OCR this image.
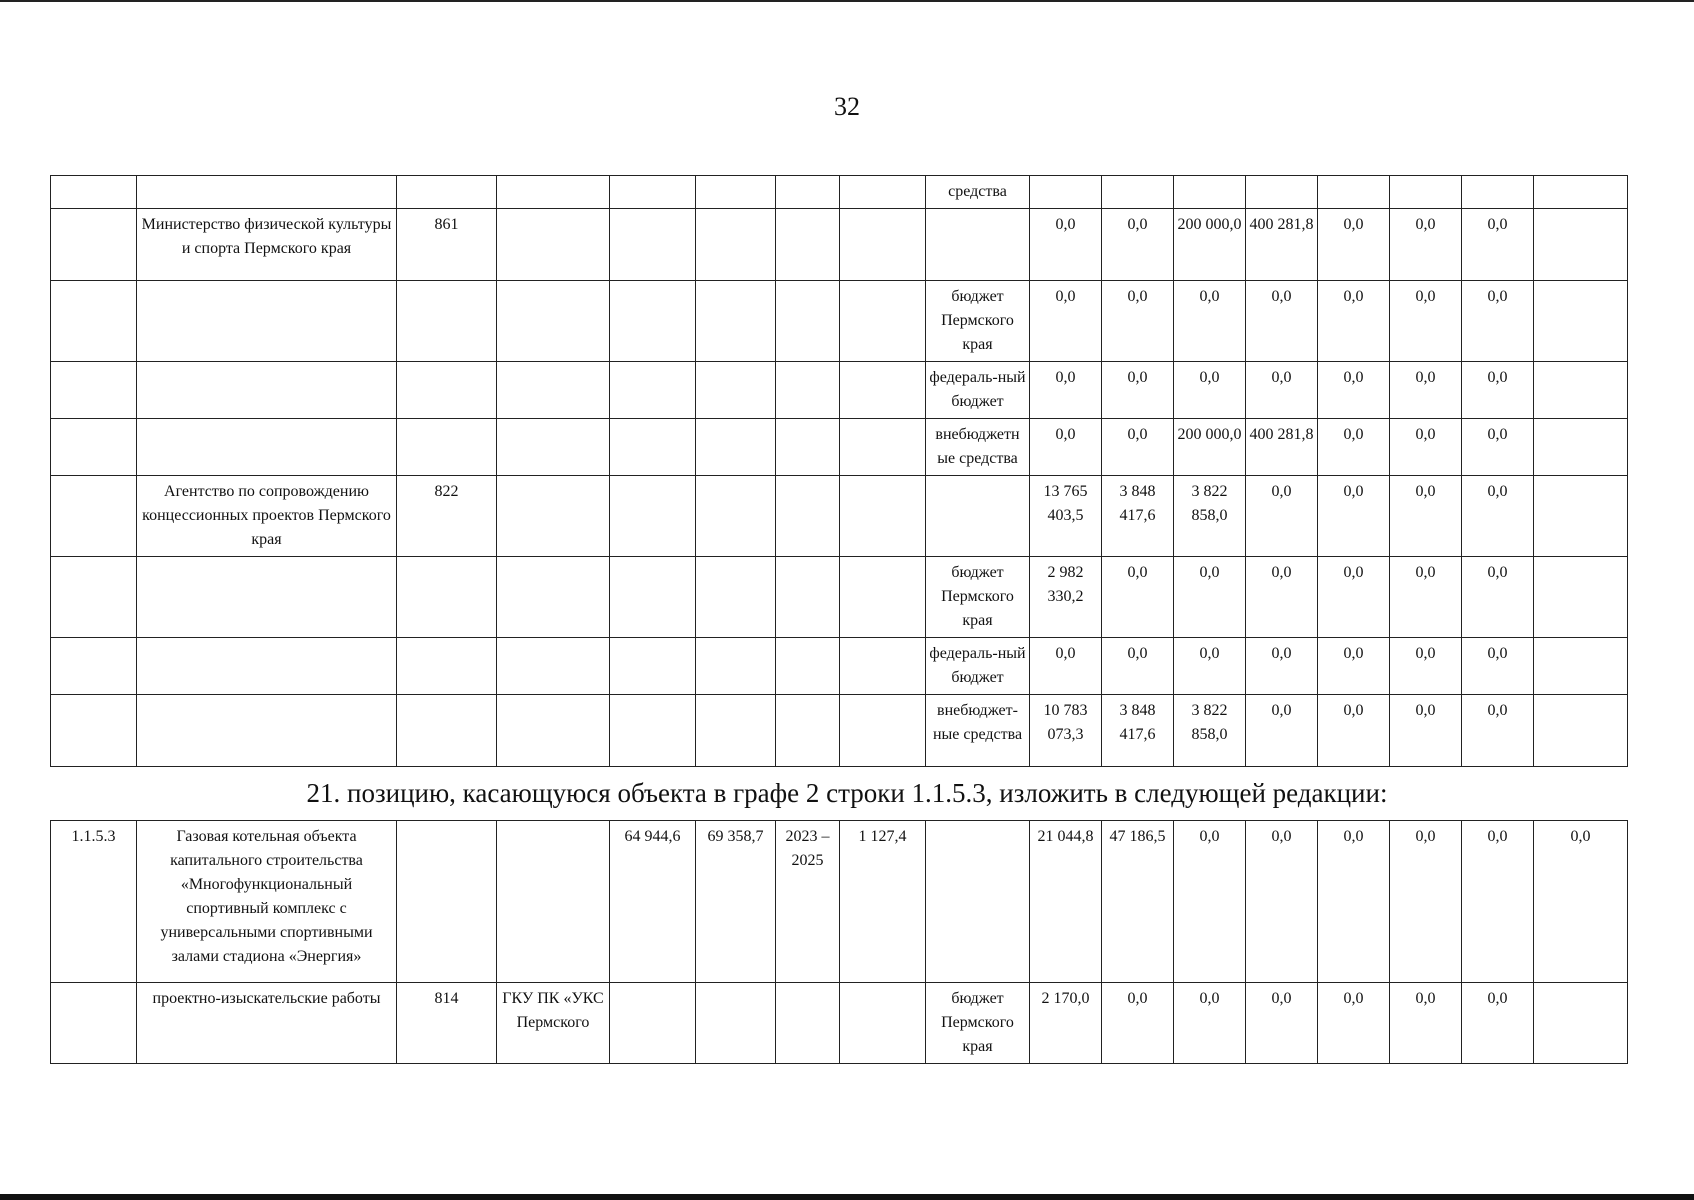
32
								средства								
	Министерство физической культуры и спорта Пермского края	861							0,0	0,0	200 000,0	400 281,8	0,0	0,0	0,0	
								бюджет Пермского края	0,0	0,0	0,0	0,0	0,0	0,0	0,0	
								федераль-ный бюджет	0,0	0,0	0,0	0,0	0,0	0,0	0,0	
								внебюджетн ые средства	0,0	0,0	200 000,0	400 281,8	0,0	0,0	0,0	
	Агентство по сопровождению концессионных проектов Пермского края	822							13 765 403,5	3 848 417,6	3 822 858,0	0,0	0,0	0,0	0,0	
								бюджет Пермского края	2 982 330,2	0,0	0,0	0,0	0,0	0,0	0,0	
								федераль-ный бюджет	0,0	0,0	0,0	0,0	0,0	0,0	0,0	
								внебюджет-ные средства	10 783 073,3	3 848 417,6	3 822 858,0	0,0	0,0	0,0	0,0	
21. позицию, касающуюся объекта в графе 2 строки 1.1.5.3, изложить в следующей редакции:
1.1.5.3	Газовая котельная объекта капитального строительства «Многофункциональный спортивный комплекс с универсальными спортивными залами стадиона «Энергия»			64 944,6	69 358,7	2023 – 2025	1 127,4		21 044,8	47 186,5	0,0	0,0	0,0	0,0	0,0	0,0
	проектно-изыскательские работы	814	ГКУ ПК «УКС Пермского					бюджет Пермского края	2 170,0	0,0	0,0	0,0	0,0	0,0	0,0	
